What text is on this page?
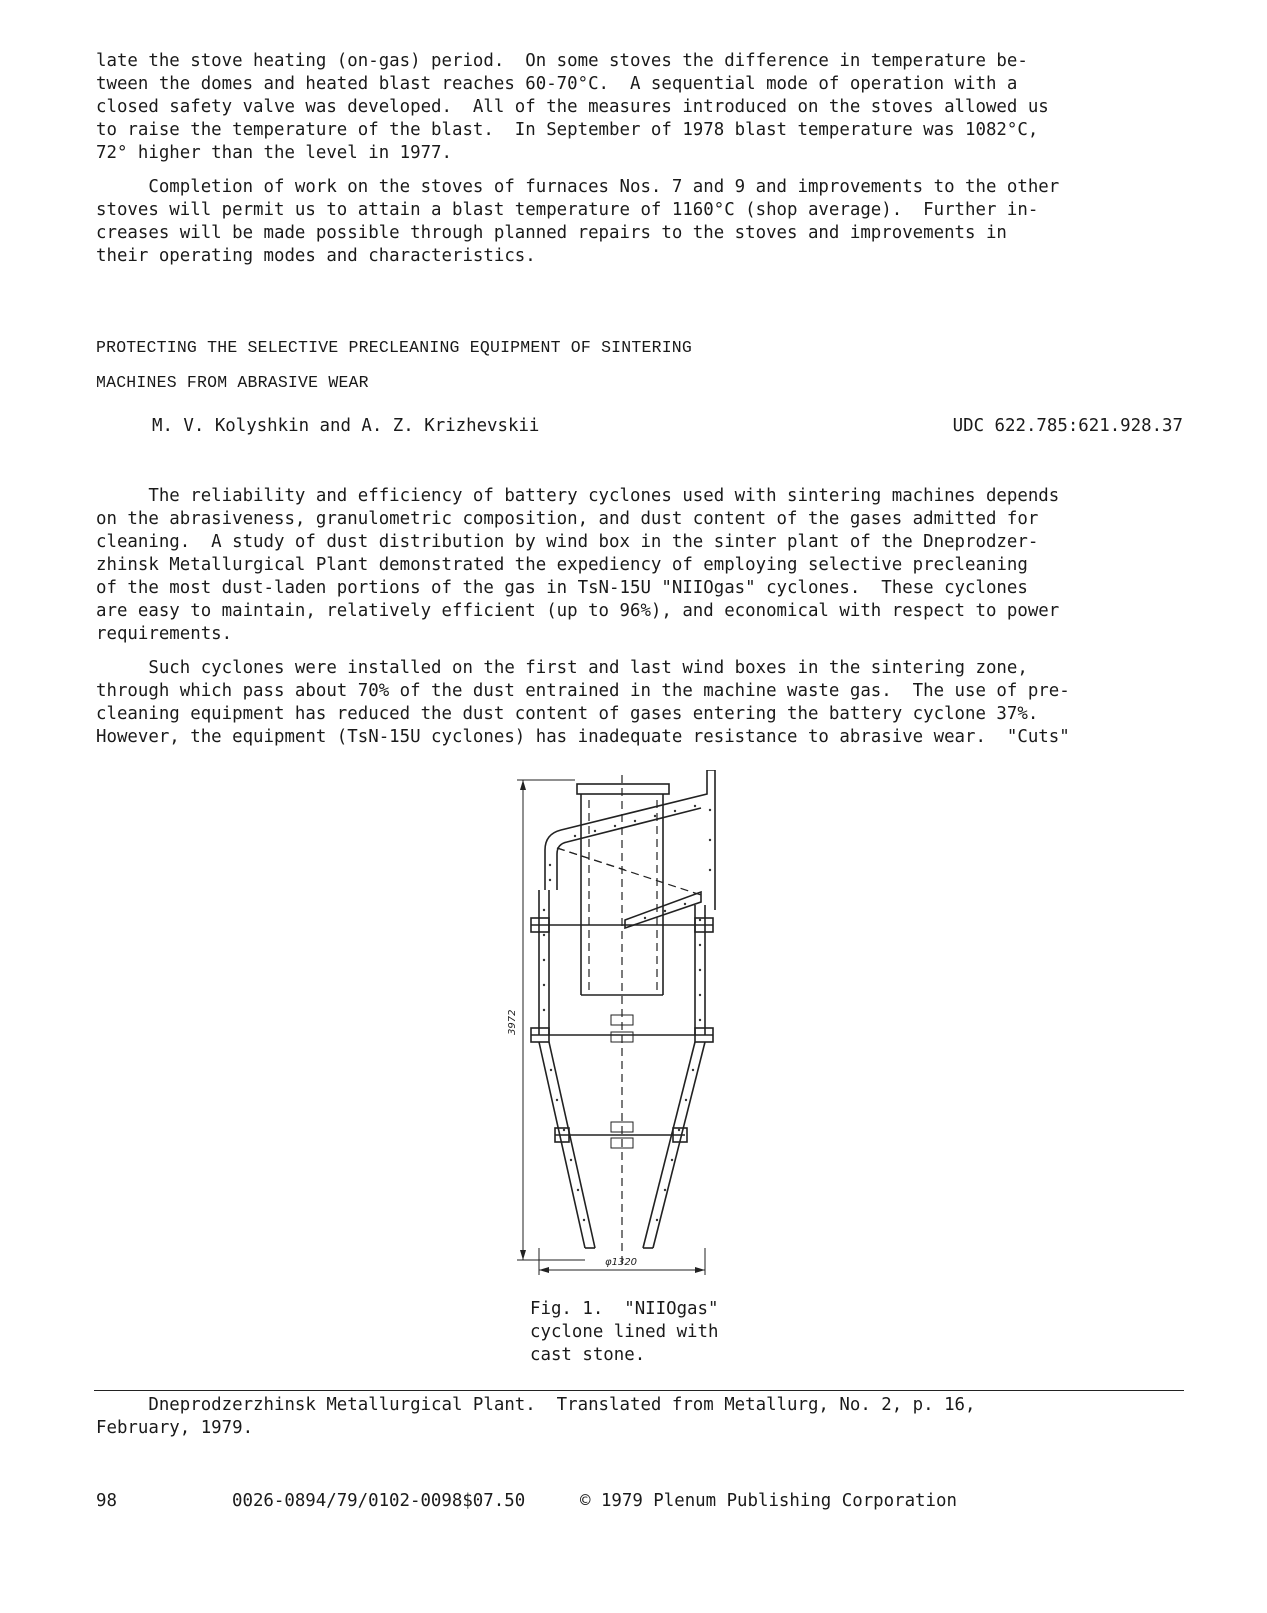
late the stove heating (on-gas) period.  On some stoves the difference in temperature be-
tween the domes and heated blast reaches 60-70°C.  A sequential mode of operation with a
closed safety valve was developed.  All of the measures introduced on the stoves allowed us
to raise the temperature of the blast.  In September of 1978 blast temperature was 1082°C,
72° higher than the level in 1977.

Completion of work on the stoves of furnaces Nos. 7 and 9 and improvements to the other
stoves will permit us to attain a blast temperature of 1160°C (shop average).  Further in-
creases will be made possible through planned repairs to the stoves and improvements in
their operating modes and characteristics.

PROTECTING THE SELECTIVE PRECLEANING EQUIPMENT OF SINTERING
MACHINES FROM ABRASIVE WEAR
M. V. Kolyshkin and A. Z. Krizhevskii	UDC 622.785:621.928.37

The reliability and efficiency of battery cyclones used with sintering machines depends
on the abrasiveness, granulometric composition, and dust content of the gases admitted for
cleaning.  A study of dust distribution by wind box in the sinter plant of the Dneprodzer-
zhinsk Metallurgical Plant demonstrated the expediency of employing selective precleaning
of the most dust-laden portions of the gas in TsN-15U "NIIOgas" cyclones.  These cyclones
are easy to maintain, relatively efficient (up to 96%), and economical with respect to power
requirements.

Such cyclones were installed on the first and last wind boxes in the sintering zone,
through which pass about 70% of the dust entrained in the machine waste gas.  The use of pre-
cleaning equipment has reduced the dust content of gases entering the battery cyclone 37%.
However, the equipment (TsN-15U cyclones) has inadequate resistance to abrasive wear.  "Cuts"

3972
φ1320
Fig. 1.  "NIIOgas"
cyclone lined with
cast stone.
Dneprodzerzhinsk Metallurgical Plant.  Translated from Metallurg, No. 2, p. 16,
February, 1979.
98	0026-0894/79/0102-0098$07.50	© 1979 Plenum Publishing Corporation
